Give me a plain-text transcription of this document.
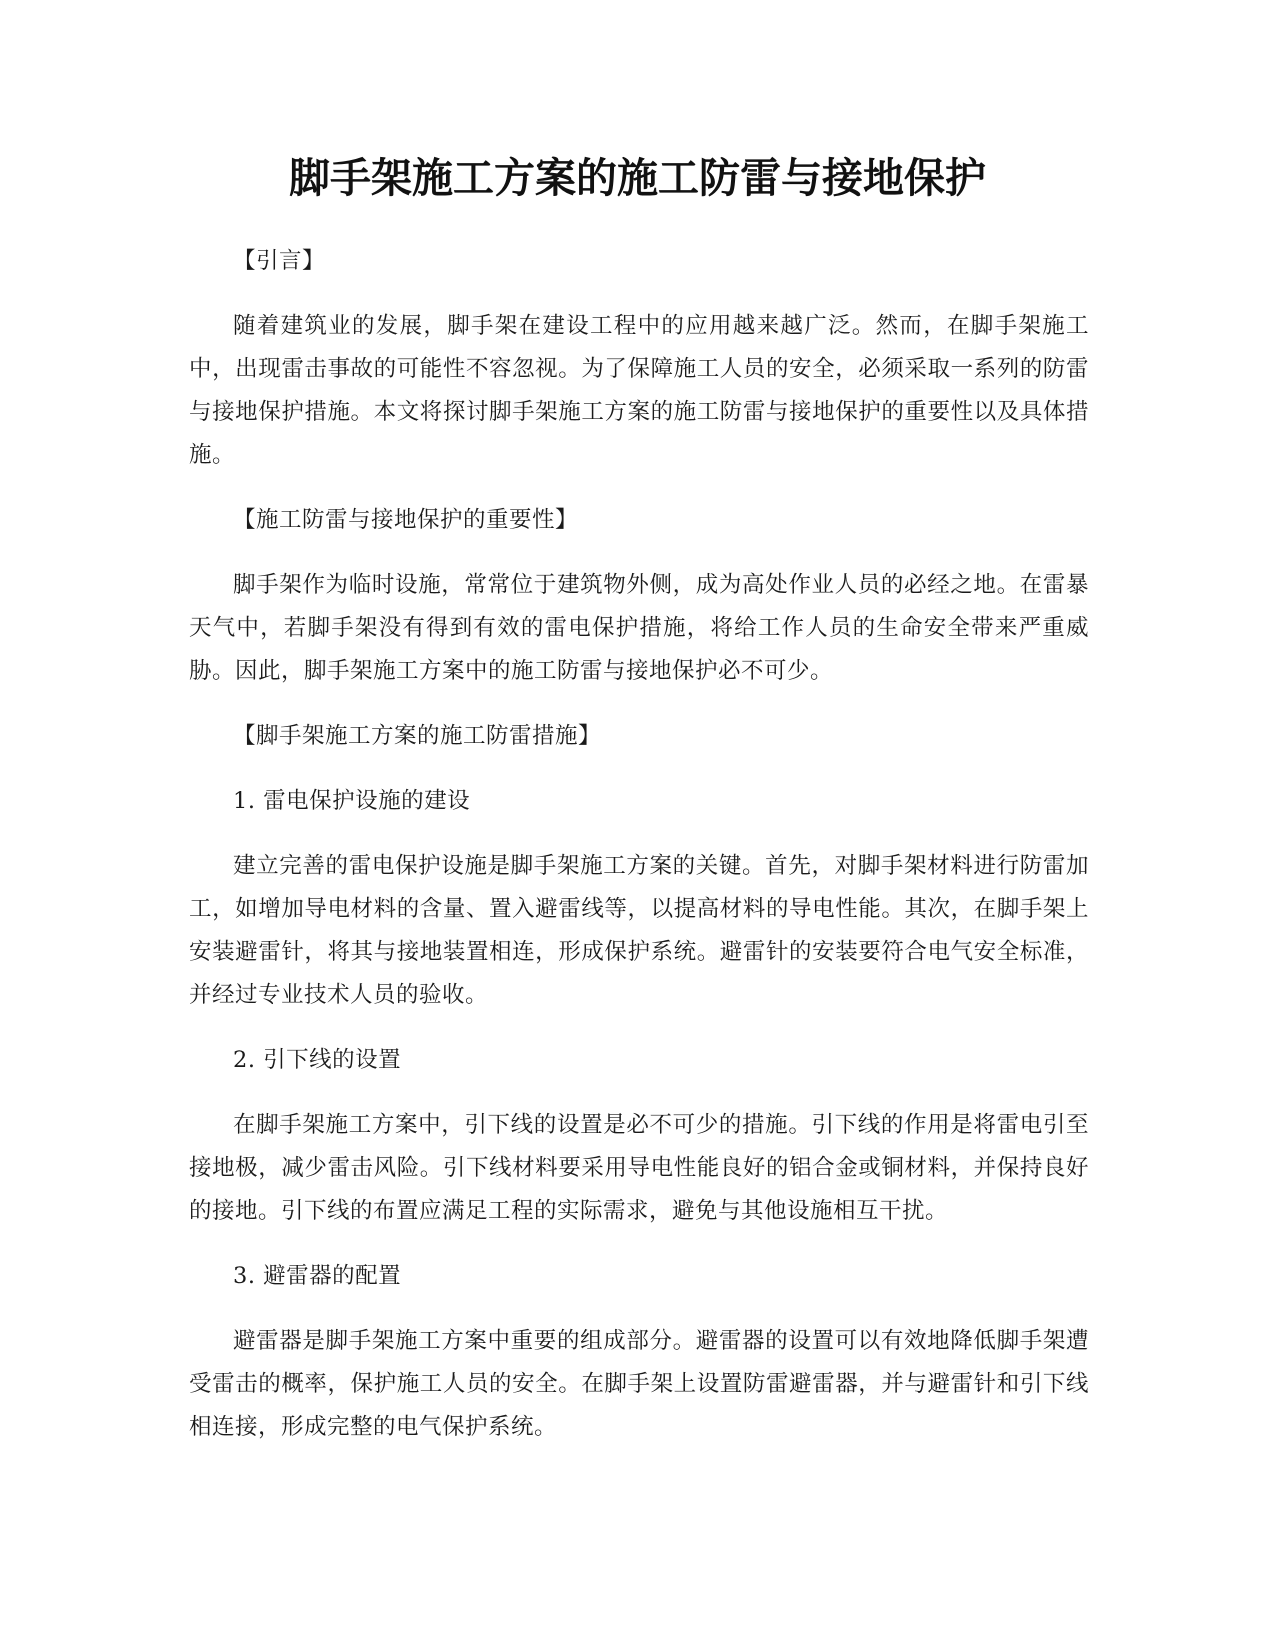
脚手架施工方案的施工防雷与接地保护

【引言】

随着建筑业的发展，脚手架在建设工程中的应用越来越广泛。然而，在脚手架施工中，出现雷击事故的可能性不容忽视。为了保障施工人员的安全，必须采取一系列的防雷与接地保护措施。本文将探讨脚手架施工方案的施工防雷与接地保护的重要性以及具体措施。

【施工防雷与接地保护的重要性】

脚手架作为临时设施，常常位于建筑物外侧，成为高处作业人员的必经之地。在雷暴天气中，若脚手架没有得到有效的雷电保护措施，将给工作人员的生命安全带来严重威胁。因此，脚手架施工方案中的施工防雷与接地保护必不可少。

【脚手架施工方案的施工防雷措施】

1. 雷电保护设施的建设

建立完善的雷电保护设施是脚手架施工方案的关键。首先，对脚手架材料进行防雷加工，如增加导电材料的含量、置入避雷线等，以提高材料的导电性能。其次，在脚手架上安装避雷针，将其与接地装置相连，形成保护系统。避雷针的安装要符合电气安全标准，并经过专业技术人员的验收。

2. 引下线的设置

在脚手架施工方案中，引下线的设置是必不可少的措施。引下线的作用是将雷电引至接地极，减少雷击风险。引下线材料要采用导电性能良好的铝合金或铜材料，并保持良好的接地。引下线的布置应满足工程的实际需求，避免与其他设施相互干扰。

3. 避雷器的配置

避雷器是脚手架施工方案中重要的组成部分。避雷器的设置可以有效地降低脚手架遭受雷击的概率，保护施工人员的安全。在脚手架上设置防雷避雷器，并与避雷针和引下线相连接，形成完整的电气保护系统。
